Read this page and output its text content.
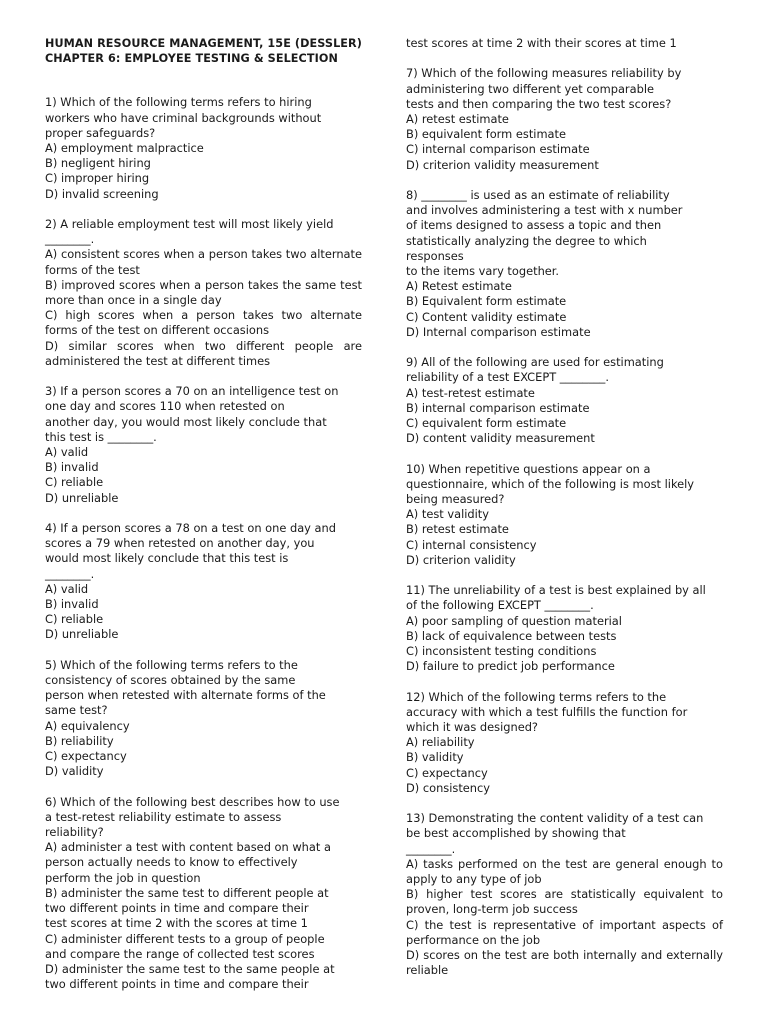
HUMAN RESOURCE MANAGEMENT, 15E (DESSLER)
CHAPTER 6: EMPLOYEE TESTING & SELECTION
1) Which of the following terms refers to hiring
workers who have criminal backgrounds without
proper safeguards?
A) employment malpractice
B) negligent hiring
C) improper hiring
D) invalid screening
2) A reliable employment test will most likely yield
________.
A) consistent scores when a person takes two alternate forms of the test
B) improved scores when a person takes the same test more than once in a single day
C) high scores when a person takes two alternate forms of the test on different occasions
D) similar scores when two different people are administered the test at different times
3) If a person scores a 70 on an intelligence test on
one day and scores 110 when retested on
another day, you would most likely conclude that
this test is ________.
A) valid
B) invalid
C) reliable
D) unreliable
4) If a person scores a 78 on a test on one day and
scores a 79 when retested on another day, you
would most likely conclude that this test is
________.
A) valid
B) invalid
C) reliable
D) unreliable
5) Which of the following terms refers to the
consistency of scores obtained by the same
person when retested with alternate forms of the
same test?
A) equivalency
B) reliability
C) expectancy
D) validity
6) Which of the following best describes how to use
a test-retest reliability estimate to assess
reliability?
A) administer a test with content based on what a
person actually needs to know to effectively
perform the job in question
B) administer the same test to different people at
two different points in time and compare their
test scores at time 2 with the scores at time 1
C) administer different tests to a group of people
and compare the range of collected test scores
D) administer the same test to the same people at
two different points in time and compare their
test scores at time 2 with their scores at time 1
7) Which of the following measures reliability by
administering two different yet comparable
tests and then comparing the two test scores?
A) retest estimate
B) equivalent form estimate
C) internal comparison estimate
D) criterion validity measurement
8) ________ is used as an estimate of reliability
and involves administering a test with x number
of items designed to assess a topic and then
statistically analyzing the degree to which
responses
to the items vary together.
A) Retest estimate
B) Equivalent form estimate
C) Content validity estimate
D) Internal comparison estimate
9) All of the following are used for estimating
reliability of a test EXCEPT ________.
A) test-retest estimate
B) internal comparison estimate
C) equivalent form estimate
D) content validity measurement
10) When repetitive questions appear on a
questionnaire, which of the following is most likely
being measured?
A) test validity
B) retest estimate
C) internal consistency
D) criterion validity
11) The unreliability of a test is best explained by all
of the following EXCEPT ________.
A) poor sampling of question material
B) lack of equivalence between tests
C) inconsistent testing conditions
D) failure to predict job performance
12) Which of the following terms refers to the
accuracy with which a test fulfills the function for
which it was designed?
A) reliability
B) validity
C) expectancy
D) consistency
13) Demonstrating the content validity of a test can
be best accomplished by showing that
________.
A) tasks performed on the test are general enough to apply to any type of job
B) higher test scores are statistically equivalent to proven, long-term job success
C) the test is representative of important aspects of performance on the job
D) scores on the test are both internally and externally reliable
